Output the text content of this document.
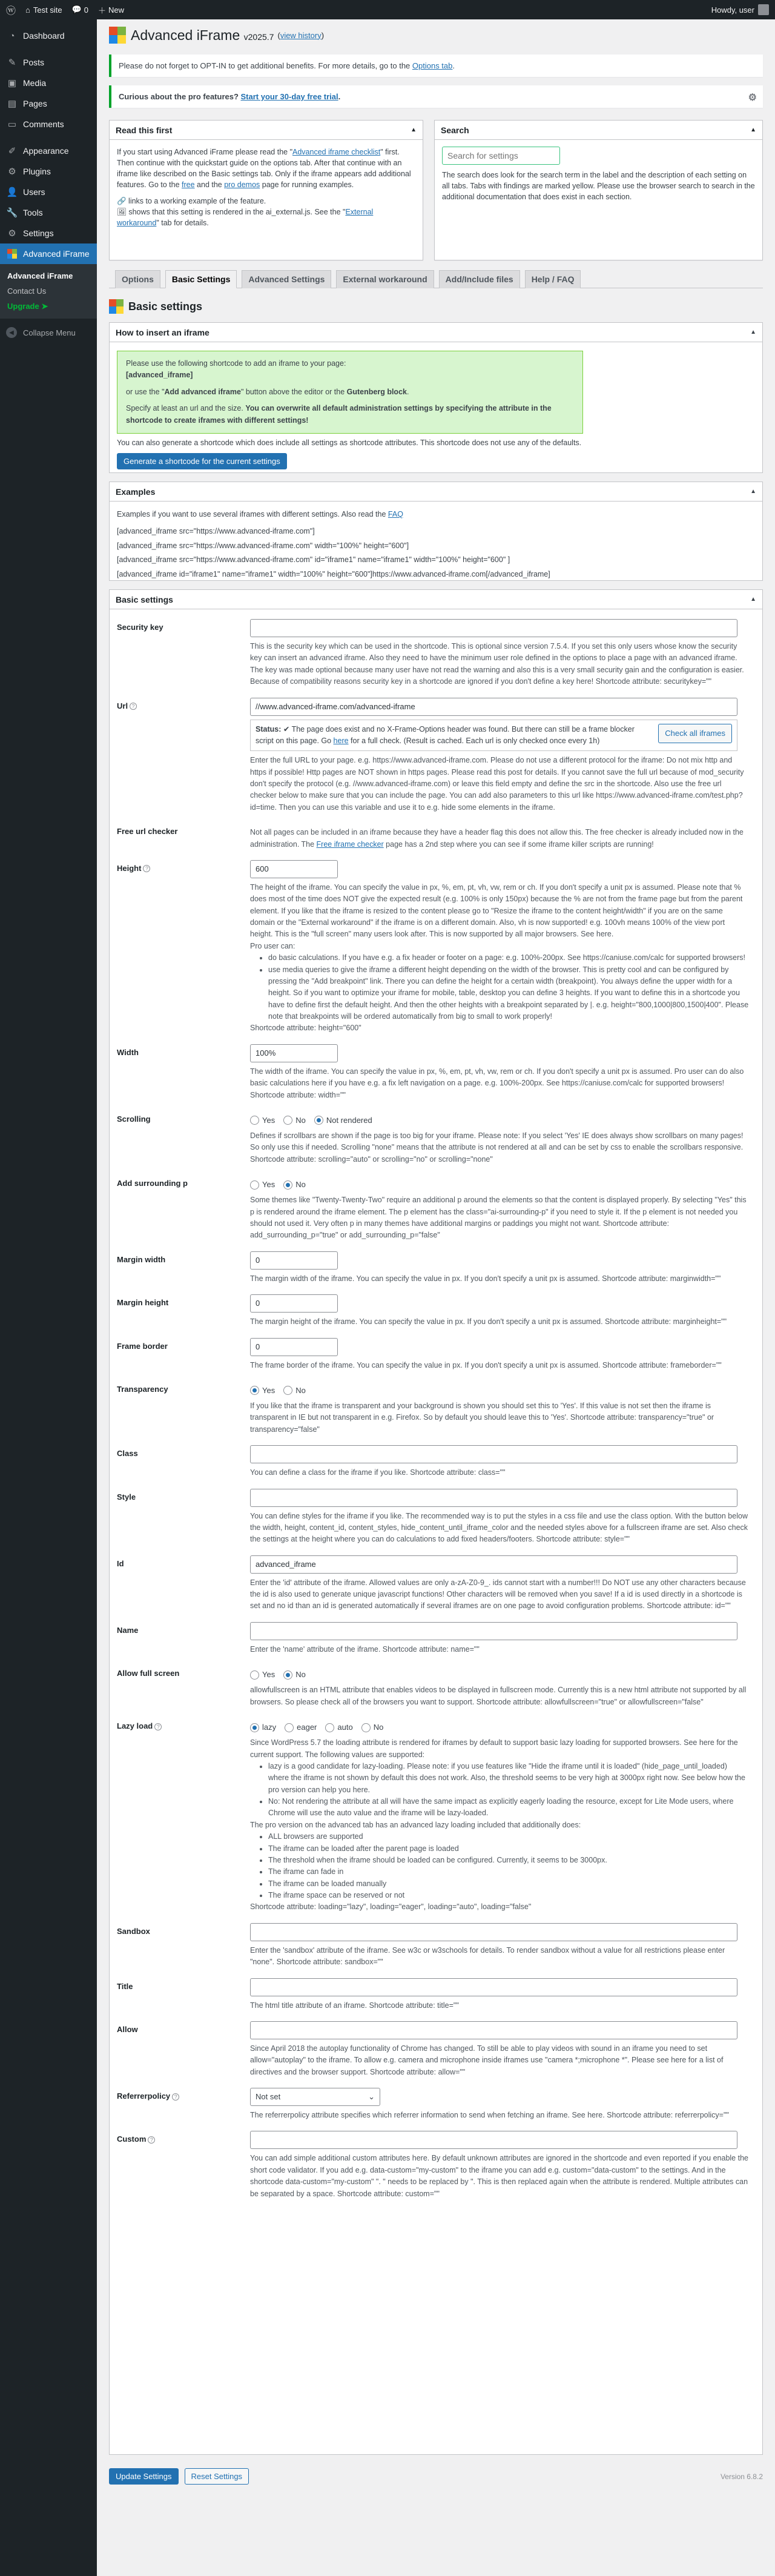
ⓦ	⌂ Test site 💬 0 ＋ New	Howdy, user
◔ Dashboard
✎ Posts
▣ Media
▤ Pages
▭ Comments
✐ Appearance
⚙ Plugins
👤 Users
🔧 Tools
⚙ Settings
Advanced iFrame
Advanced iFrame
Contact Us
Upgrade ➤
◀	Collapse Menu
Advanced iFrame v2025.7 (view history)
Please do not forget to OPT-IN to get additional benefits. For more details, go to the Options tab.
Curious about the pro features? Start your 30-day free trial.	⚙
Read this first	▲

If you start using Advanced iFrame please read the "Advanced iframe checklist" first. Then continue with the quickstart guide on the options tab. After that continue with an iframe like described on the Basic settings tab. Only if the iframe appears add additional features. Go to the free and the pro demos page for running examples.

🔗 links to a working example of the feature.

🖼 shows that this setting is rendered in the ai_external.js. See the "External workaround" tab for details.

Search	▲
Search for settings

The search does look for the search term in the label and the description of each setting on all tabs. Tabs with findings are marked yellow. Please use the browser search to search in the additional documentation that does exist in each section.

Options	Basic Settings	Advanced Settings	External workaround	Add/Include files	Help / FAQ
Basic settings
How to insert an iframe	▲

Please use the following shortcode to add an iframe to your page:

[advanced_iframe]

or use the "Add advanced iframe" button above the editor or the Gutenberg block.

Specify at least an url and the size. You can overwrite all default administration settings by specifying the attribute in the shortcode to create iframes with different settings!

You can also generate a shortcode which does include all settings as shortcode attributes. This shortcode does not use any of the defaults.

Generate a shortcode for the current settings
Examples	▲

Examples if you want to use several iframes with different settings. Also read the FAQ

[advanced_iframe src="https://www.advanced-iframe.com"]

[advanced_iframe src="https://www.advanced-iframe.com" width="100%" height="600"]

[advanced_iframe src="https://www.advanced-iframe.com" id="iframe1" name="iframe1" width="100%" height="600" ]

[advanced_iframe id="iframe1" name="iframe1" width="100%" height="600"]https://www.advanced-iframe.com[/advanced_iframe]

Basic settings	▲
Security key

This is the security key which can be used in the shortcode. This is optional since version 7.5.4. If you set this only users whose know the security key can insert an advanced iframe. Also they need to have the minimum user role defined in the options to place a page with an advanced iframe. The key was made optional because many user have not read the warning and also this is a very small security gain and the configuration is easier. Because of compatibility reasons security key in a shortcode are ignored if you don't define a key here! Shortcode attribute: securitykey=""

Url ?	//www.advanced-iframe.com/advanced-iframe

Status: ✔ The page does exist and no X-Frame-Options header was found. But there can still be a frame blocker script on this page. Go here for a full check. (Result is cached. Each url is only checked once every 1h)

Check all iframes

Enter the full URL to your page. e.g. https://www.advanced-iframe.com. Please do not use a different protocol for the iframe: Do not mix http and https if possible! Http pages are NOT shown in https pages. Please read this post for details. If you cannot save the full url because of mod_security don't specify the protocol (e.g. //www.advanced-iframe.com) or leave this field empty and define the src in the shortcode. Also use the free url checker below to make sure that you can include the page. You can add also parameters to this url like https://www.advanced-iframe.com/test.php?id=time. Then you can use this variable and use it to e.g. hide some elements in the iframe.

Free url checker	Not all pages can be included in an iframe because they have a header flag this does not allow this. The free checker is already included now in the administration. The Free iframe checker page has a 2nd step where you can see if some iframe killer scripts are running!

Height ?	600

The height of the iframe. You can specify the value in px, %, em, pt, vh, vw, rem or ch. If you don't specify a unit px is assumed. Please note that % does most of the time does NOT give the expected result (e.g. 100% is only 150px) because the % are not from the frame page but from the parent element. If you like that the iframe is resized to the content please go to "Resize the iframe to the content height/width" if you are on the same domain or the "External workaround" if the iframe is on a different domain. Also, vh is now supported! e.g. 100vh means 100% of the view port height. This is the "full screen" many users look after. This is now supported by all major browsers. See here.

Pro user can:

• do basic calculations. If you have e.g. a fix header or footer on a page: e.g. 100%-200px. See https://caniuse.com/calc for supported browsers!
• use media queries to give the iframe a different height depending on the width of the browser. This is pretty cool and can be configured by pressing the "Add breakpoint" link. There you can define the height for a certain width (breakpoint). You always define the upper width for a height. So if you want to optimize your iframe for mobile, table, desktop you can define 3 heights. If you want to define this in a shortcode you have to define first the default height. And then the other heights with a breakpoint separated by |. e.g. height="800,1000|800,1500|400". Please note that breakpoints will be ordered automatically from big to small to work properly!

Shortcode attribute: height="600"

Width	100%

The width of the iframe. You can specify the value in px, %, em, pt, vh, vw, rem or ch. If you don't specify a unit px is assumed. Pro user can do also basic calculations here if you have e.g. a fix left navigation on a page. e.g. 100%-200px. See https://caniuse.com/calc for supported browsers! Shortcode attribute: width=""

Scrolling	Yes	No	Not rendered

Defines if scrollbars are shown if the page is too big for your iframe. Please note: If you select 'Yes' IE does always show scrollbars on many pages! So only use this if needed. Scrolling "none" means that the attribute is not rendered at all and can be set by css to enable the scrollbars responsive. Shortcode attribute: scrolling="auto" or scrolling="no" or scrolling="none"

Add surrounding p	Yes	No

Some themes like "Twenty-Twenty-Two" require an additional p around the elements so that the content is displayed properly. By selecting "Yes" this p is rendered around the iframe element. The p element has the class="ai-surrounding-p" if you need to style it. If the p element is not needed you should not used it. Very often p in many themes have additional margins or paddings you might not want. Shortcode attribute: add_surrounding_p="true" or add_surrounding_p="false"

Margin width	0

The margin width of the iframe. You can specify the value in px. If you don't specify a unit px is assumed. Shortcode attribute: marginwidth=""

Margin height	0

The margin height of the iframe. You can specify the value in px. If you don't specify a unit px is assumed. Shortcode attribute: marginheight=""

Frame border	0

The frame border of the iframe. You can specify the value in px. If you don't specify a unit px is assumed. Shortcode attribute: frameborder=""

Transparency	Yes	No

If you like that the iframe is transparent and your background is shown you should set this to 'Yes'. If this value is not set then the iframe is transparent in IE but not transparent in e.g. Firefox. So by default you should leave this to 'Yes'. Shortcode attribute: transparency="true" or transparency="false"

Class

You can define a class for the iframe if you like. Shortcode attribute: class=""

Style

You can define styles for the iframe if you like. The recommended way is to put the styles in a css file and use the class option. With the button below the width, height, content_id, content_styles, hide_content_until_iframe_color and the needed styles above for a fullscreen iframe are set. Also check the settings at the height where you can do calculations to add fixed headers/footers. Shortcode attribute: style=""

Id	advanced_iframe

Enter the 'id' attribute of the iframe. Allowed values are only a-zA-Z0-9_. ids cannot start with a number!!! Do NOT use any other characters because the id is also used to generate unique javascript functions! Other characters will be removed when you save! If a id is used directly in a shortcode is set and no id than an id is generated automatically if several iframes are on one page to avoid configuration problems. Shortcode attribute: id=""

Name

Enter the 'name' attribute of the iframe. Shortcode attribute: name=""

Allow full screen	Yes	No

allowfullscreen is an HTML attribute that enables videos to be displayed in fullscreen mode. Currently this is a new html attribute not supported by all browsers. So please check all of the browsers you want to support. Shortcode attribute: allowfullscreen="true" or allowfullscreen="false"

Lazy load ?	lazy	eager	auto	No

Since WordPress 5.7 the loading attribute is rendered for iframes by default to support basic lazy loading for supported browsers. See here for the current support. The following values are supported:

• lazy is a good candidate for lazy-loading. Please note: if you use features like "Hide the iframe until it is loaded" (hide_page_until_loaded) where the iframe is not shown by default this does not work. Also, the threshold seems to be very high at 3000px right now. See below how the pro version can help you here.
• No: Not rendering the attribute at all will have the same impact as explicitly eagerly loading the resource, except for Lite Mode users, where Chrome will use the auto value and the iframe will be lazy-loaded.

The pro version on the advanced tab has an advanced lazy loading included that additionally does:

• ALL browsers are supported
• The iframe can be loaded after the parent page is loaded
• The threshold when the iframe should be loaded can be configured. Currently, it seems to be 3000px.
• The iframe can fade in
• The iframe can be loaded manually
• The iframe space can be reserved or not

Shortcode attribute: loading="lazy", loading="eager", loading="auto", loading="false"

Sandbox

Enter the 'sandbox' attribute of the iframe. See w3c or w3schools for details. To render sandbox without a value for all restrictions please enter "none". Shortcode attribute: sandbox=""

Title

The html title attribute of an iframe. Shortcode attribute: title=""

Allow

Since April 2018 the autoplay functionality of Chrome has changed. To still be able to play videos with sound in an iframe you need to set allow="autoplay" to the iframe. To allow e.g. camera and microphone inside iframes use "camera *;microphone *". Please see here for a list of directives and the browser support. Shortcode attribute: allow=""

Referrerpolicy ?	Not set	⌄

The referrerpolicy attribute specifies which referrer information to send when fetching an iframe. See here. Shortcode attribute: referrerpolicy=""

Custom ?

You can add simple additional custom attributes here. By default unknown attributes are ignored in the shortcode and even reported if you enable the short code validator. If you add e.g. data-custom="my-custom" to the iframe you can add e.g. custom="data-custom" to the settings. And in the shortcode data-custom="my-custom" ". " needs to be replaced by ". This is then replaced again when the attribute is rendered. Multiple attributes can be separated by a space. Shortcode attribute: custom=""

Update Settings	Reset Settings	Version 6.8.2
